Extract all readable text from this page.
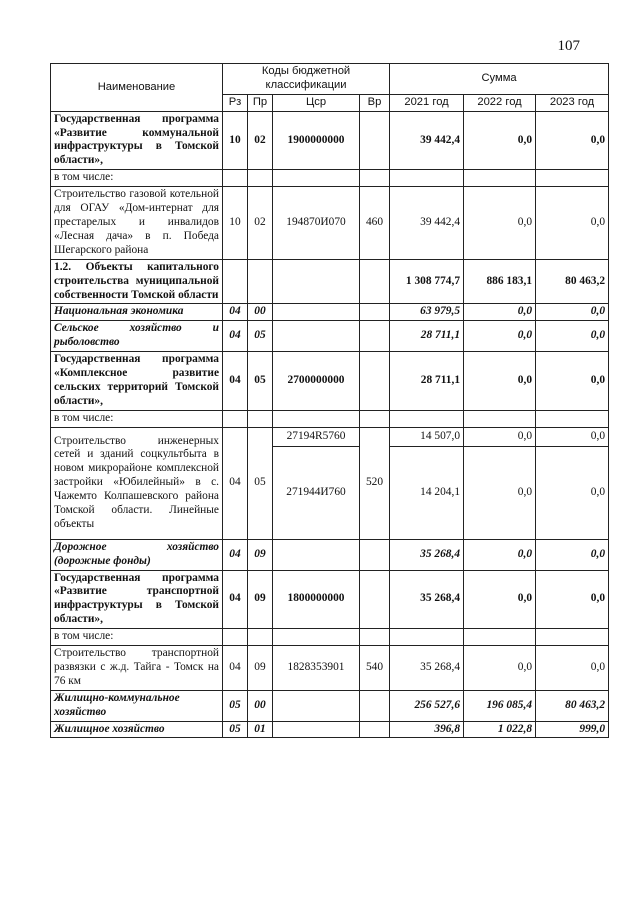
107
Наименование	Коды бюджетной классификации				Сумма		
	Рз	Пр	Цср	Вр	2021 год	2022 год	2023 год
Государственная программа «Развитие коммунальной инфраструктуры в Томской области»,	10	02	1900000000		39 442,4	0,0	0,0
в том числе:							
Строительство газовой котельной для ОГАУ «Дом-интернат для престарелых и инвалидов «Лесная дача» в п. Победа Шегарского района	10	02	194870И070	460	39 442,4	0,0	0,0
1.2. Объекты капитального строительства муниципальной собственности Томской области					1 308 774,7	886 183,1	80 463,2
Национальная экономика	04	00			63 979,5	0,0	0,0
Сельское хозяйство и рыболовство	04	05			28 711,1	0,0	0,0
Государственная программа «Комплексное развитие сельских территорий Томской области»,	04	05	2700000000		28 711,1	0,0	0,0
в том числе:							
Строительство инженерных сетей и зданий соцкультбыта в новом микрорайоне комплексной застройки «Юбилейный» в с. Чажемто Колпашевского района Томской области. Линейные объекты	04	05	27194R5760	520	14 507,0	0,0	0,0
			271944И760		14 204,1	0,0	0,0
Дорожное хозяйство (дорожные фонды)	04	09			35 268,4	0,0	0,0
Государственная программа «Развитие транспортной инфраструктуры в Томской области»,	04	09	1800000000		35 268,4	0,0	0,0
в том числе:							
Строительство транспортной развязки с ж.д. Тайга - Томск на 76 км	04	09	1828353901	540	35 268,4	0,0	0,0
Жилищно-коммунальное хозяйство	05	00			256 527,6	196 085,4	80 463,2
Жилищное хозяйство	05	01			396,8	1 022,8	999,0
